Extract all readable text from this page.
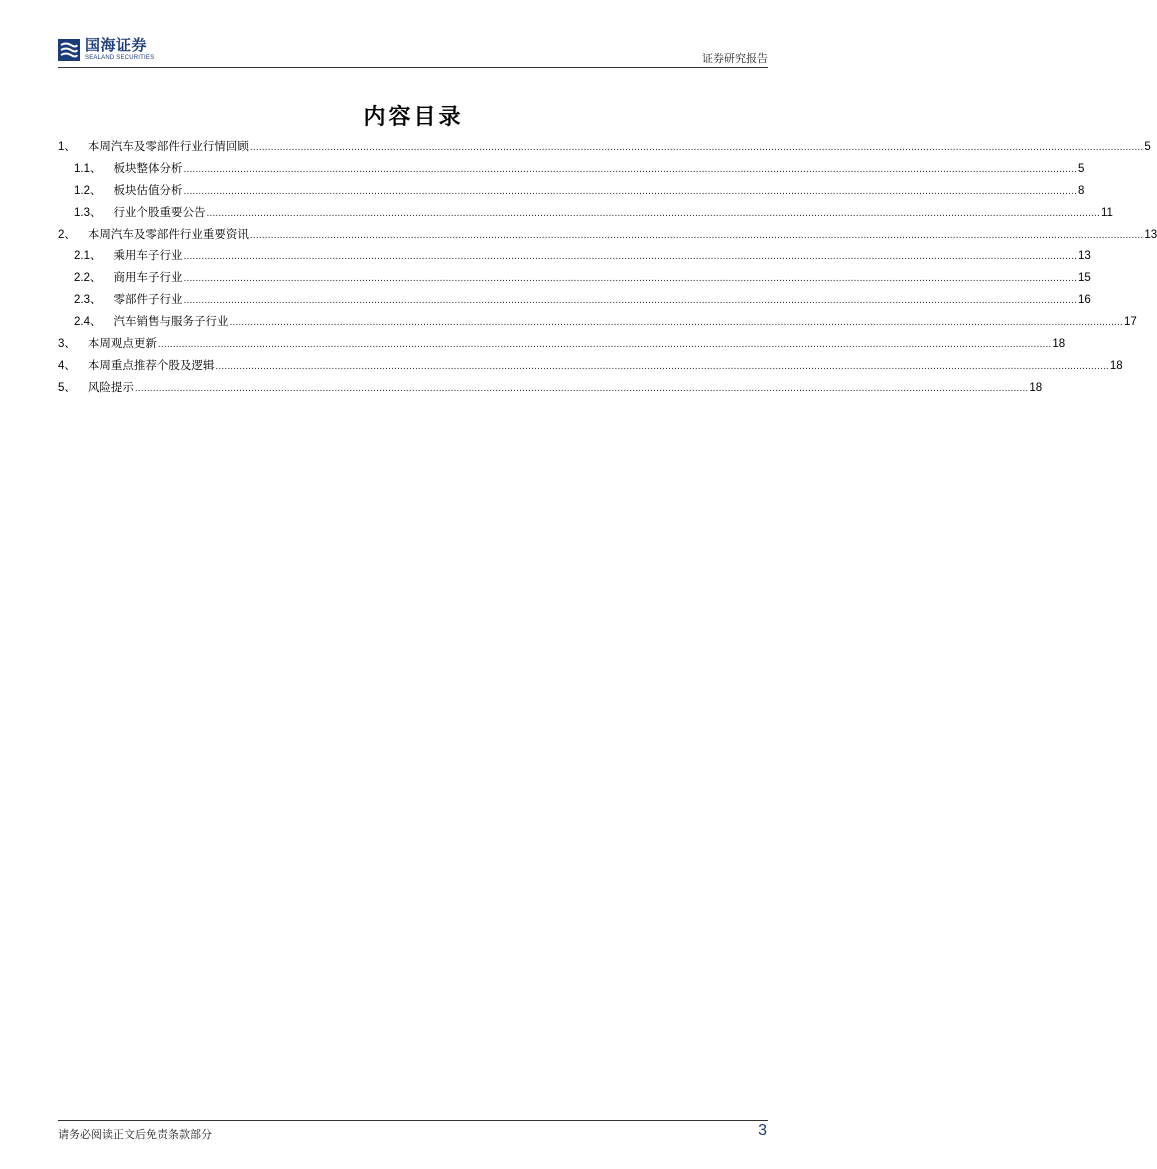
国海证券
SEALAND SECURITIES	证券研究报告
内容目录
1 、 本周汽车及零部件行业行情回顾 ............................................................................................................................................................................................................................................................................................................ 5
1.1 、 板块整体分析 ............................................................................................................................................................................................................................................................................................................ 5
1.2 、 板块估值分析 ............................................................................................................................................................................................................................................................................................................ 8
1.3 、 行业个股重要公告 ............................................................................................................................................................................................................................................................................................................ 11
2 、 本周汽车及零部件行业重要资讯 ............................................................................................................................................................................................................................................................................................................ 13
2.1 、 乘用车子行业 ............................................................................................................................................................................................................................................................................................................ 13
2.2 、 商用车子行业 ............................................................................................................................................................................................................................................................................................................ 15
2.3 、 零部件子行业 ............................................................................................................................................................................................................................................................................................................ 16
2.4 、 汽车销售与服务子行业 ............................................................................................................................................................................................................................................................................................................ 17
3 、 本周观点更新 ............................................................................................................................................................................................................................................................................................................ 18
4 、 本周重点推荐个股及逻辑 ............................................................................................................................................................................................................................................................................................................ 18
5 、 风险提示 ............................................................................................................................................................................................................................................................................................................ 18
请务必阅读正文后免责条款部分	3
